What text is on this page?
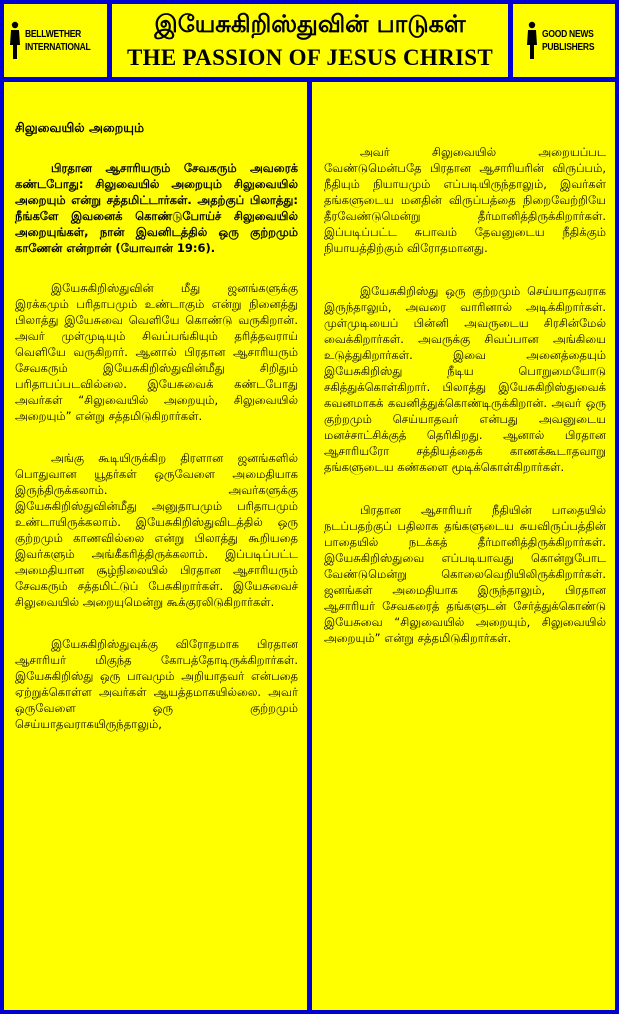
BELLWETHER
INTERNATIONAL
இயேசுகிறிஸ்துவின் பாடுகள்
THE PASSION OF JESUS CHRIST
GOOD NEWS
PUBLISHERS
சிலுவையில் அறையும்

பிரதான ஆசாரியரும் சேவகரும் அவரைக் கண்டபோது: சிலுவையில் அறையும் சிலுவையில் அறையும் என்று சத்தமிட்டார்கள். அதற்குப் பிலாத்து: நீங்களே இவனைக் கொண்டுபோய்ச் சிலுவையில் அறையுங்கள், நான் இவனிடத்தில் ஒரு குற்றமும் காணேன் என்றான் (யோவான் 19:6).

இயேசுகிறிஸ்துவின் மீது ஜனங்களுக்கு இரக்கமும் பரிதாபமும் உண்டாகும் என்று நினைத்து பிலாத்து இயேசுவை வெளியே கொண்டு வருகிறான். அவர் முள்முடியும் சிவப்பங்கியும் தரித்தவராய் வெளியே வருகிறார். ஆனால் பிரதான ஆசாரியரும் சேவகரும் இயேசுகிறிஸ்துவின்மீது சிறிதும் பரிதாபப்படவில்லை. இயேசுவைக் கண்டபோது அவர்கள் “சிலுவையில் அறையும், சிலுவையில் அறையும்” என்று சத்தமிடுகிறார்கள்.

அங்கு கூடியிருக்கிற திரளான ஜனங்களில் பொதுவான யூதர்கள் ஒருவேளை அமைதியாக இருந்திருக்கலாம். அவர்களுக்கு இயேசுகிறிஸ்துவின்மீது அனுதாபமும் பரிதாபமும் உண்டாயிருக்கலாம். இயேசுகிறிஸ்துவிடத்தில் ஒரு குற்றமும் காணவில்லை என்று பிலாத்து கூறியதை இவர்களும் அங்கீகரித்திருக்கலாம். இப்படிப்பட்ட அமைதியான சூழ்நிலையில் பிரதான ஆசாரியரும் சேவகரும் சத்தமிட்டுப் பேசுகிறார்கள். இயேசுவைச் சிலுவையில் அறையுமென்று கூக்குரலிடுகிறார்கள்.

இயேசுகிறிஸ்துவுக்கு விரோதமாக பிரதான ஆசாரியர் மிகுந்த கோபத்தோடிருக்கிறார்கள். இயேசுகிறிஸ்து ஒரு பாவமும் அறியாதவர் என்பதை ஏற்றுக்கொள்ள அவர்கள் ஆயத்தமாகயில்லை. அவர் ஒருவேளை ஒரு குற்றமும் செய்யாதவராகயிருந்தாலும்,

அவர் சிலுவையில் அறையப்பட வேண்டுமென்பதே பிரதான ஆசாரியரின் விருப்பம், நீதியும் நியாயமும் எப்படியிருந்தாலும், இவர்கள் தங்களுடைய மனதின் விருப்பத்தை நிறைவேற்றியே தீரவேண்டுமென்று தீர்மானித்திருக்கிறார்கள். இப்படிப்பட்ட சுபாவம் தேவனுடைய நீதிக்கும் நியாயத்திற்கும் விரோதமானது.

இயேசுகிறிஸ்து ஒரு குற்றமும் செய்யாதவராக இருந்தாலும், அவரை வாரினால் அடிக்கிறார்கள். முள்முடியைப் பின்னி அவருடைய சிரசின்மேல் வைக்கிறார்கள். அவருக்கு சிவப்பான அங்கியை உடுத்துகிறார்கள். இவை அனைத்தையும் இயேசுகிறிஸ்து நீடிய பொறுமையோடு சகித்துக்கொள்கிறார். பிலாத்து இயேசுகிறிஸ்துவைக் கவனமாகக் கவனித்துக்கொண்டிருக்கிறான். அவர் ஒரு குற்றமும் செய்யாதவர் என்பது அவனுடைய மனச்சாட்சிக்குத் தெரிகிறது. ஆனால் பிரதான ஆசாரியரோ சத்தியத்தைக் காணக்கூடாதவாறு தங்களுடைய கண்களை மூடிக்கொள்கிறார்கள்.

பிரதான ஆசாரியர் நீதியின் பாதையில் நடப்பதற்குப் பதிலாக தங்களுடைய சுயவிருப்பத்தின் பாதையில் நடக்கத் தீர்மானித்திருக்கிறார்கள். இயேசுகிறிஸ்துவை எப்படியாவது கொன்றுபோட வேண்டுமென்று கொலைவெறியிலிருக்கிறார்கள். ஜனங்கள் அமைதியாக இருந்தாலும், பிரதான ஆசாரியர் சேவகரைத் தங்களுடன் சேர்த்துக்கொண்டு இயேசுவை “சிலுவையில் அறையும், சிலுவையில் அறையும்” என்று சத்தமிடுகிறார்கள்.
